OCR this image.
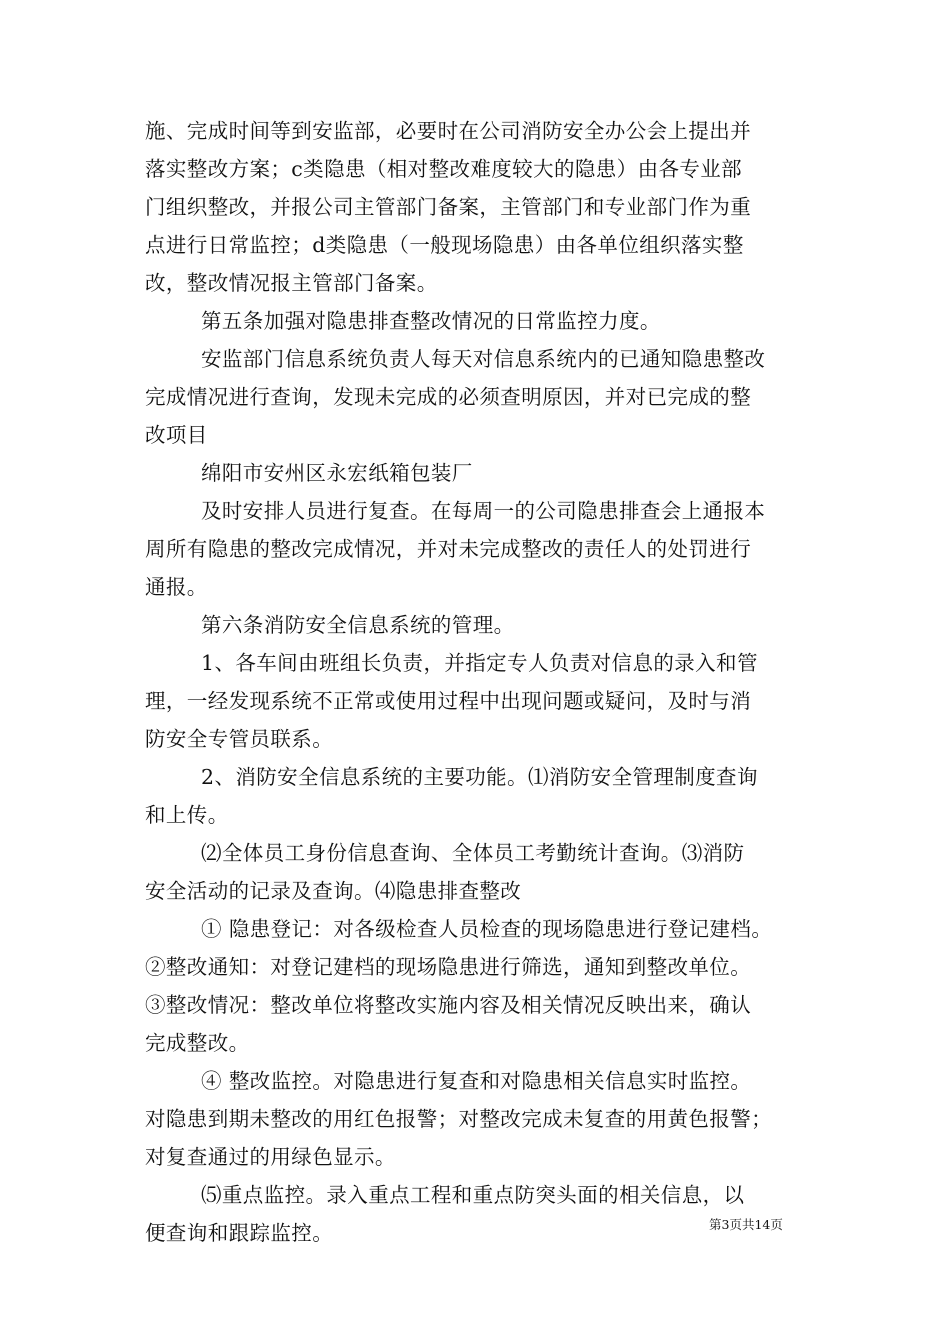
施、完成时间等到安监部，必要时在公司消防安全办公会上提出并
落实整改方案；c类隐患（相对整改难度较大的隐患）由各专业部
门组织整改，并报公司主管部门备案，主管部门和专业部门作为重
点进行日常监控；d类隐患（一般现场隐患）由各单位组织落实整
改，整改情况报主管部门备案。
第五条加强对隐患排查整改情况的日常监控力度。
安监部门信息系统负责人每天对信息系统内的已通知隐患整改
完成情况进行查询，发现未完成的必须查明原因，并对已完成的整
改项目
绵阳市安州区永宏纸箱包装厂
及时安排人员进行复查。在每周一的公司隐患排查会上通报本
周所有隐患的整改完成情况，并对未完成整改的责任人的处罚进行
通报。
第六条消防安全信息系统的管理。
1、各车间由班组长负责，并指定专人负责对信息的录入和管
理，一经发现系统不正常或使用过程中出现问题或疑问，及时与消
防安全专管员联系。
2、消防安全信息系统的主要功能。⑴消防安全管理制度查询
和上传。
⑵全体员工身份信息查询、全体员工考勤统计查询。⑶消防
安全活动的记录及查询。⑷隐患排查整改
① 隐患登记：对各级检查人员检查的现场隐患进行登记建档。
②整改通知：对登记建档的现场隐患进行筛选，通知到整改单位。
③整改情况：整改单位将整改实施内容及相关情况反映出来，确认
完成整改。
④ 整改监控。对隐患进行复查和对隐患相关信息实时监控。
对隐患到期未整改的用红色报警；对整改完成未复查的用黄色报警；
对复查通过的用绿色显示。
⑸重点监控。录入重点工程和重点防突头面的相关信息，以
便查询和跟踪监控。	第3页共14页
